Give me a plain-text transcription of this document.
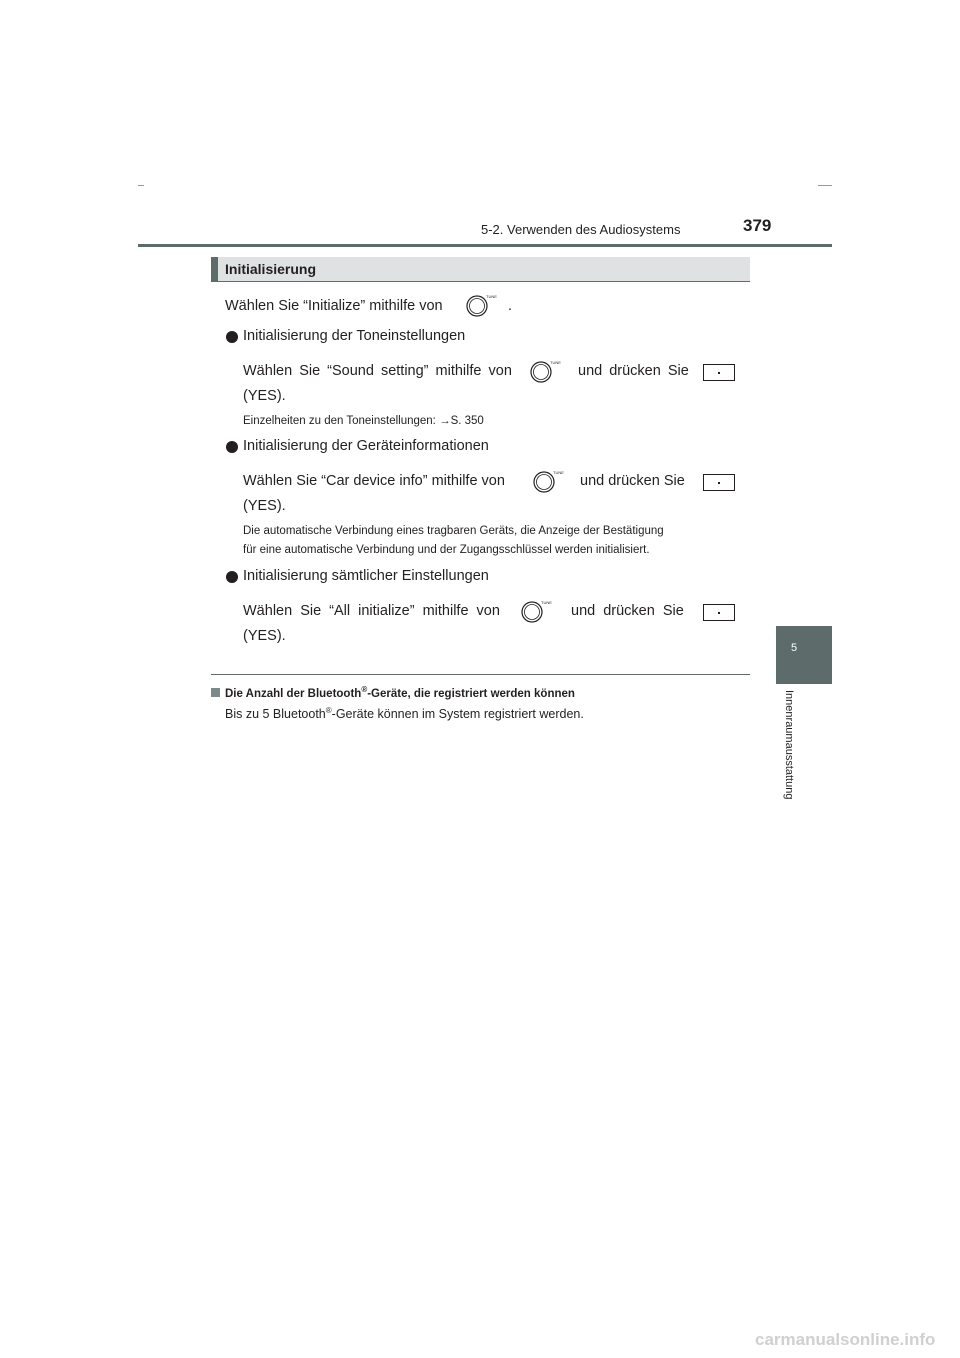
5-2. Verwenden des Audiosystems	379
5
Innenraumausstattung
Initialisierung
Wählen Sie “Initialize” mithilfe von
TUNE
.
Initialisierung der Toneinstellungen
Wählen Sie “Sound setting” mithilfe von
TUNE
und drücken Sie
(YES).
Einzelheiten zu den Toneinstellungen: →S. 350
Initialisierung der Geräteinformationen
Wählen Sie “Car device info” mithilfe von
TUNE
und drücken Sie
(YES).
Die automatische Verbindung eines tragbaren Geräts, die Anzeige der Bestätigung
für eine automatische Verbindung und der Zugangsschlüssel werden initialisiert.
Initialisierung sämtlicher Einstellungen
Wählen Sie “All initialize” mithilfe von
TUNE
und drücken Sie
(YES).
Die Anzahl der Bluetooth®-Geräte, die registriert werden können
Bis zu 5 Bluetooth®-Geräte können im System registriert werden.
carmanualsonline.info
